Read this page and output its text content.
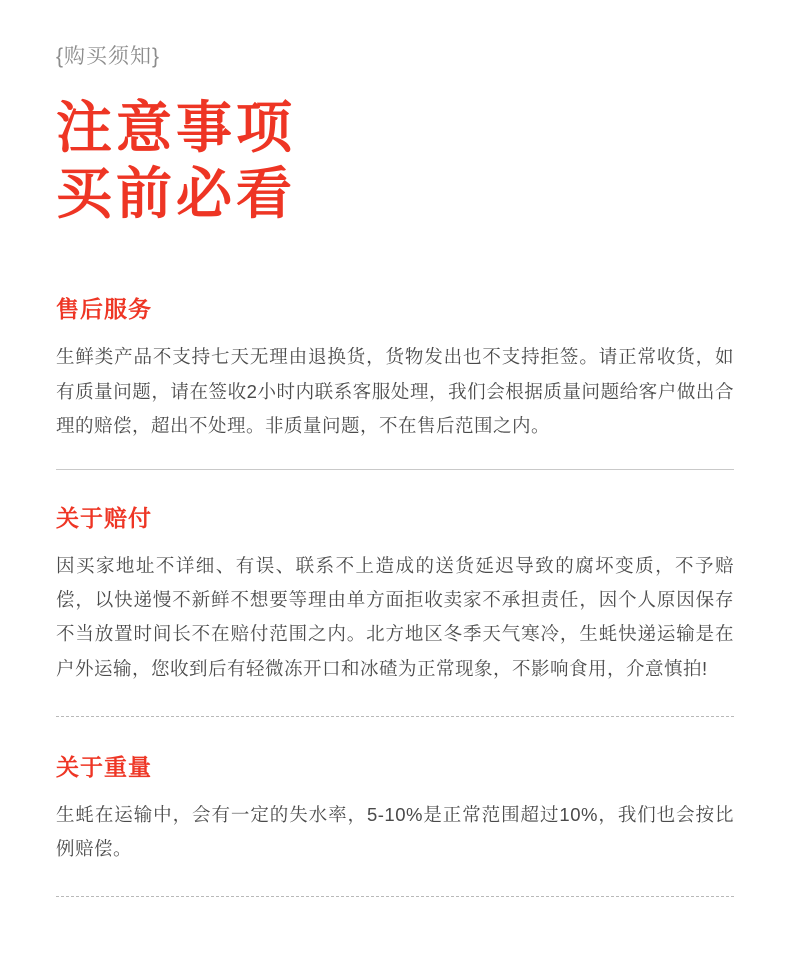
{购买须知}
注意事项
买前必看
售后服务

生鲜类产品不支持七天无理由退换货，货物发出也不支持拒签。请正常收货，如有质量问题，请在签收2小时内联系客服处理，我们会根据质量问题给客户做出合理的赔偿，超出不处理。非质量问题，不在售后范围之内。

关于赔付

因买家地址不详细、有误、联系不上造成的送货延迟导致的腐坏变质，不予赔偿，以快递慢不新鲜不想要等理由单方面拒收卖家不承担责任，因个人原因保存不当放置时间长不在赔付范围之内。北方地区冬季天气寒冷，生蚝快递运输是在户外运输，您收到后有轻微冻开口和冰碴为正常现象，不影响食用，介意慎拍!

关于重量

生蚝在运输中，会有一定的失水率，5-10%是正常范围超过10%，我们也会按比例赔偿。
